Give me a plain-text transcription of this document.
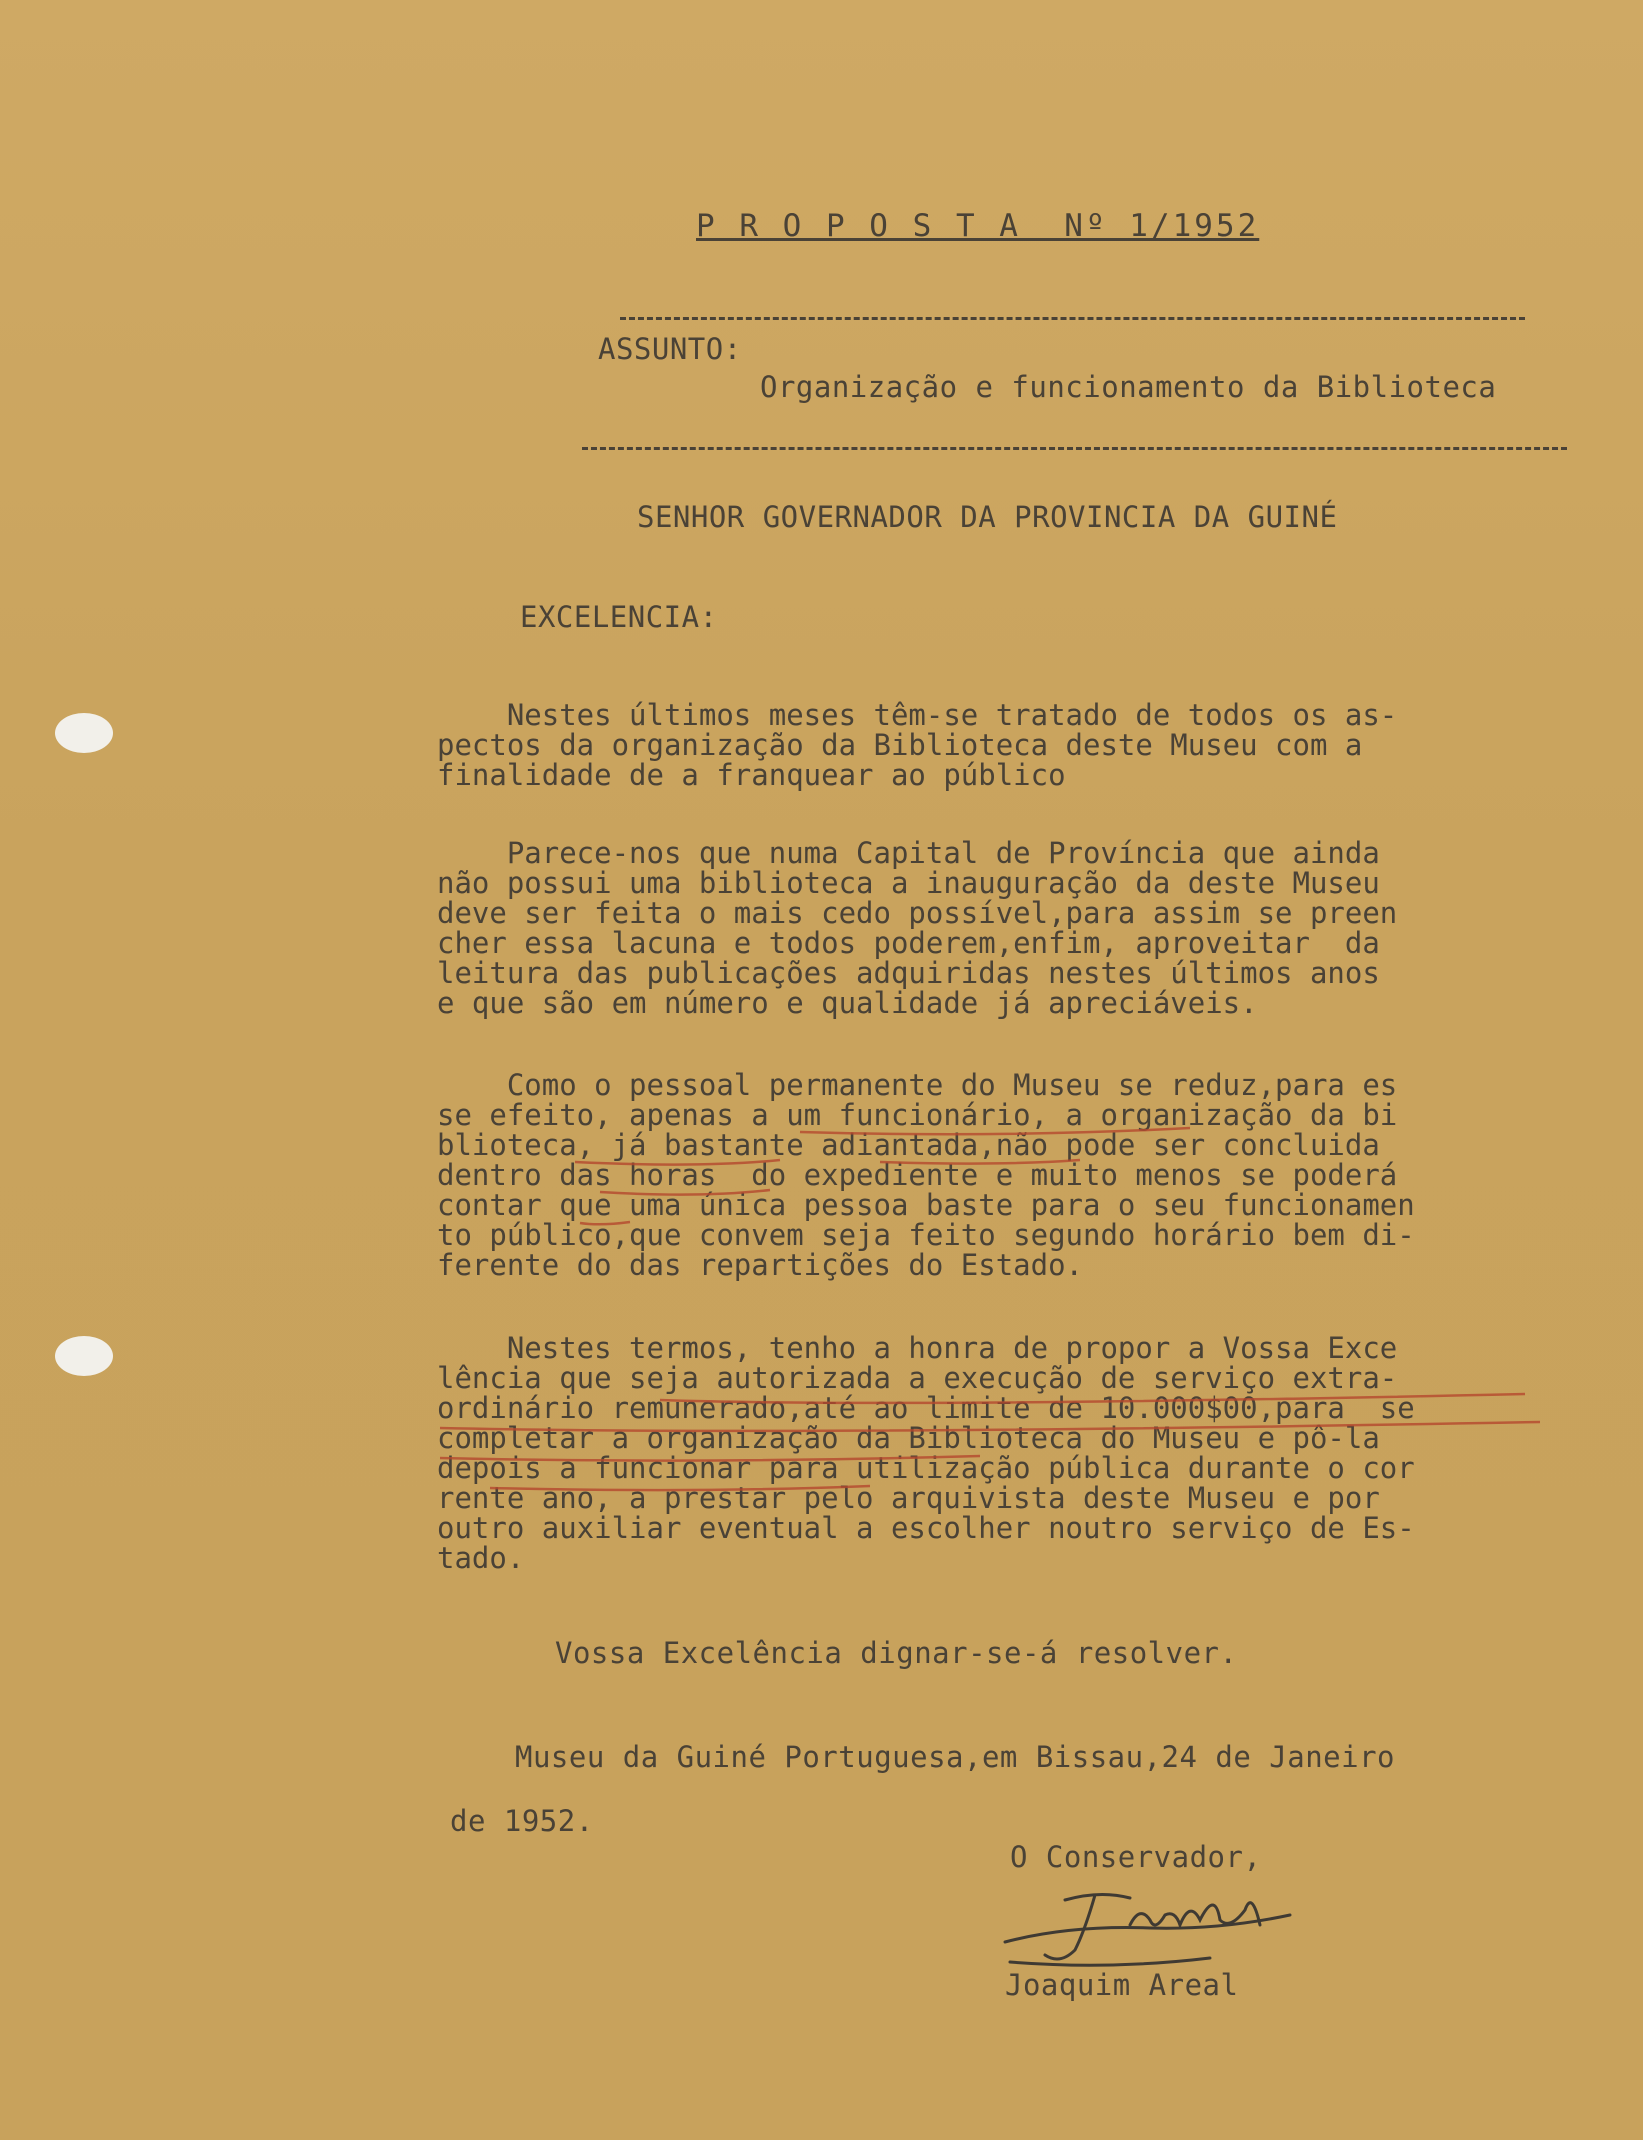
P R O P O S T A  Nº 1/1952
ASSUNTO:
Organização e funcionamento da Biblioteca
SENHOR GOVERNADOR DA PROVINCIA DA GUINÉ
EXCELENCIA:
Nestes últimos meses têm-se tratado de todos os as-
pectos da organização da Biblioteca deste Museu com a
finalidade de a franquear ao público
Parece-nos que numa Capital de Província que ainda
não possui uma biblioteca a inauguração da deste Museu
deve ser feita o mais cedo possível,para assim se preen
cher essa lacuna e todos poderem,enfim, aproveitar  da
leitura das publicações adquiridas nestes últimos anos
e que são em número e qualidade já apreciáveis.
Como o pessoal permanente do Museu se reduz,para es
se efeito, apenas a um funcionário, a organização da bi
blioteca, já bastante adiantada,não pode ser concluida
dentro das horas  do expediente e muito menos se poderá
contar que uma única pessoa baste para o seu funcionamen
to público,que convem seja feito segundo horário bem di-
ferente do das repartições do Estado.
Nestes termos, tenho a honra de propor a Vossa Exce
lência que seja autorizada a execução de serviço extra-
ordinário remunerado,até ao limite de 10.000$00,para  se
completar a organização da Biblioteca do Museu e pô-la
depois a funcionar para utilização pública durante o cor
rente ano, a prestar pelo arquivista deste Museu e por
outro auxiliar eventual a escolher noutro serviço de Es-
tado.
Vossa Excelência dignar-se-á resolver.
Museu da Guiné Portuguesa,em Bissau,24 de Janeiro
de 1952.
O Conservador,
Joaquim Areal
